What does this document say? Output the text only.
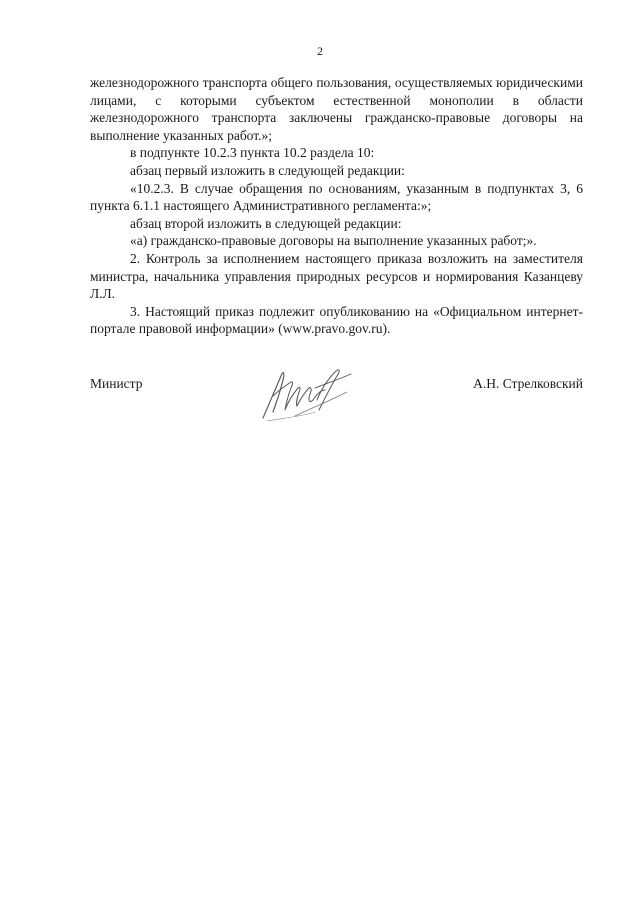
2

железнодорожного транспорта общего пользования, осуществляемых юридическими лицами, с которыми субъектом естественной монополии в области железнодорожного транспорта заключены гражданско-правовые договоры на выполнение указанных работ.»;

в подпункте 10.2.3 пункта 10.2 раздела 10:

абзац первый изложить в следующей редакции:

«10.2.3. В случае обращения по основаниям, указанным в подпунктах 3, 6 пункта 6.1.1 настоящего Административного регламента:»;

абзац второй изложить в следующей редакции:

«а) гражданско-правовые договоры на выполнение указанных работ;».

2. Контроль за исполнением настоящего приказа возложить на заместителя министра, начальника управления природных ресурсов и нормирования Казанцеву Л.Л.

3. Настоящий приказ подлежит опубликованию на «Официальном интернет-портале правовой информации» (www.pravo.gov.ru).

Министр	А.Н. Стрелковский
